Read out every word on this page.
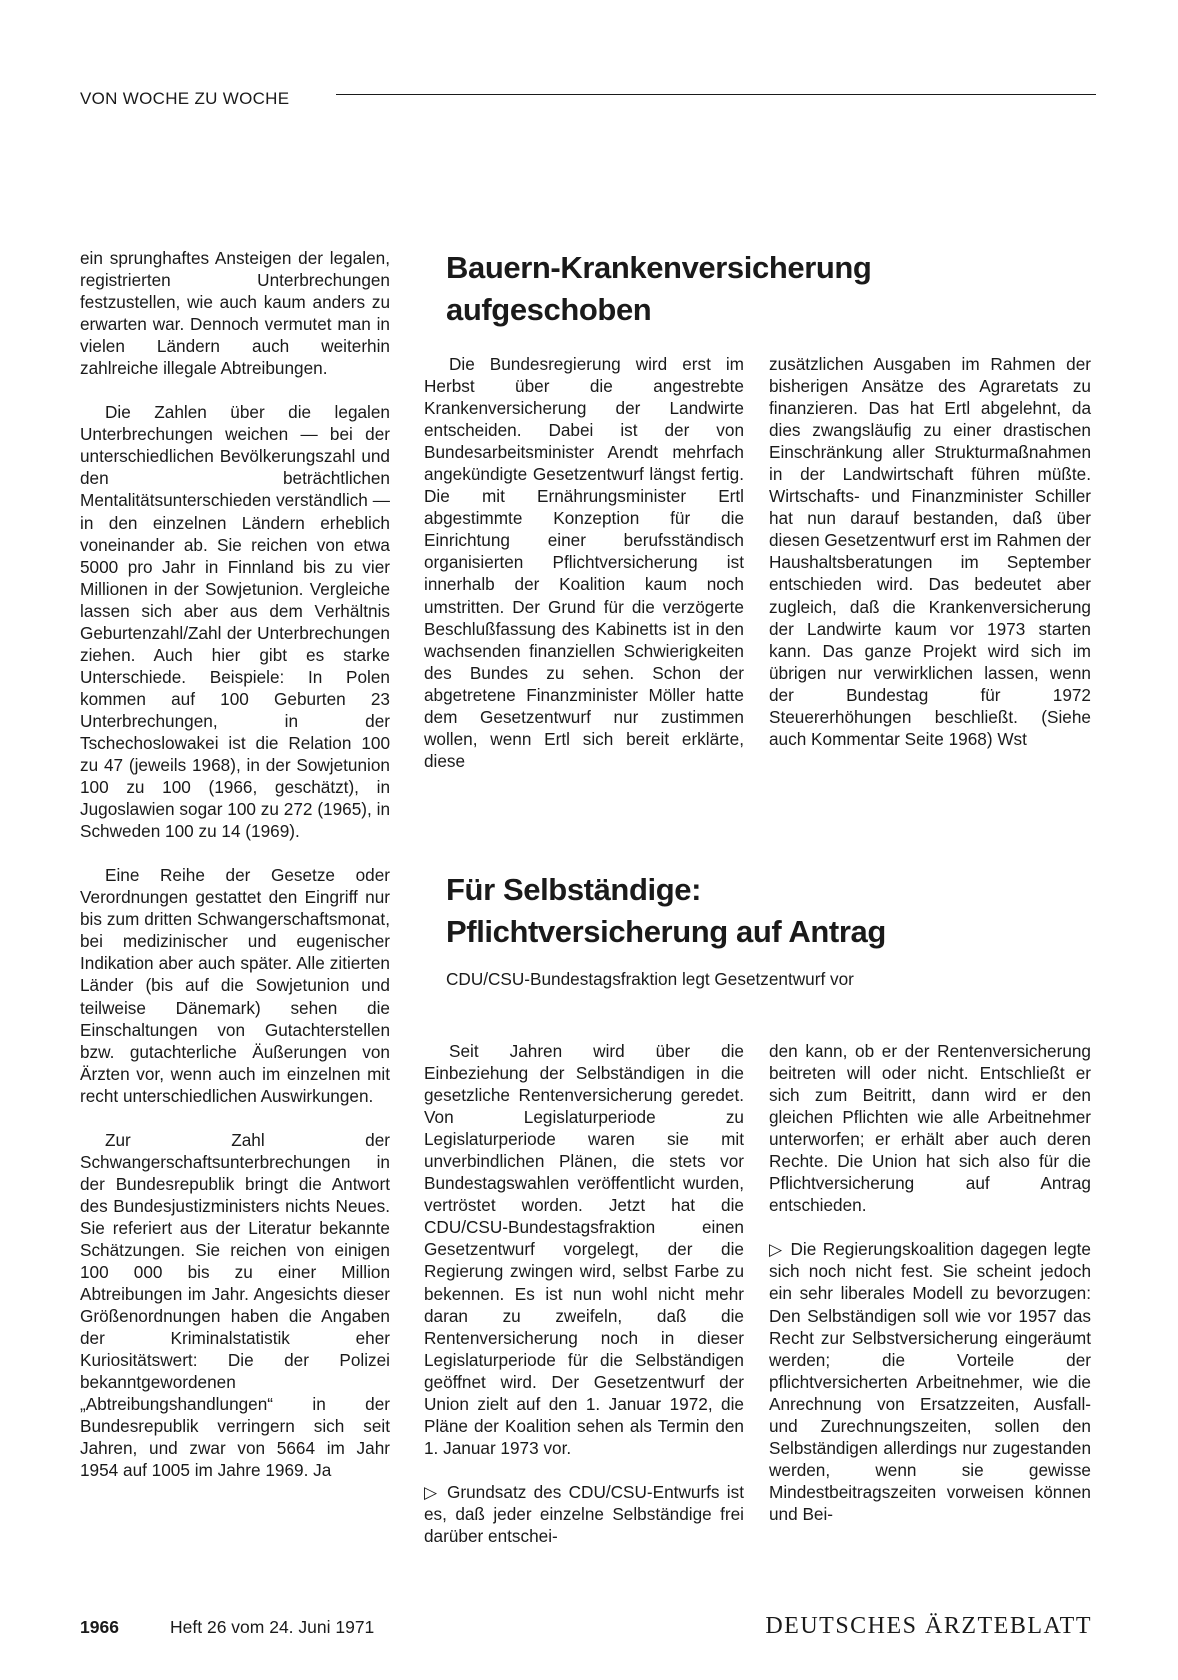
VON WOCHE ZU WOCHE

ein sprunghaftes Ansteigen der legalen, registrierten Unterbrechungen festzustellen, wie auch kaum anders zu erwarten war. Dennoch vermutet man in vielen Ländern auch weiterhin zahlreiche illegale Abtreibungen.

Die Zahlen über die legalen Unterbrechungen weichen — bei der unterschiedlichen Bevölkerungszahl und den beträchtlichen Mentalitätsunterschieden verständlich — in den einzelnen Ländern erheblich voneinander ab. Sie reichen von etwa 5000 pro Jahr in Finnland bis zu vier Millionen in der Sowjetunion. Vergleiche lassen sich aber aus dem Verhältnis Geburtenzahl/Zahl der Unterbrechungen ziehen. Auch hier gibt es starke Unterschiede. Beispiele: In Polen kommen auf 100 Geburten 23 Unterbrechungen, in der Tschechoslowakei ist die Relation 100 zu 47 (jeweils 1968), in der Sowjetunion 100 zu 100 (1966, geschätzt), in Jugoslawien sogar 100 zu 272 (1965), in Schweden 100 zu 14 (1969).

Eine Reihe der Gesetze oder Verordnungen gestattet den Eingriff nur bis zum dritten Schwangerschaftsmonat, bei medizinischer und eugenischer Indikation aber auch später. Alle zitierten Länder (bis auf die Sowjetunion und teilweise Dänemark) sehen die Einschaltungen von Gutachterstellen bzw. gutachterliche Äußerungen von Ärzten vor, wenn auch im einzelnen mit recht unterschiedlichen Auswirkungen.

Zur Zahl der Schwangerschaftsunterbrechungen in der Bundesrepublik bringt die Antwort des Bundesjustizministers nichts Neues. Sie referiert aus der Literatur bekannte Schätzungen. Sie reichen von einigen 100 000 bis zu einer Million Abtreibungen im Jahr. Angesichts dieser Größenordnungen haben die Angaben der Kriminalstatistik eher Kuriositätswert: Die der Polizei bekanntgewordenen „Abtreibungshandlungen“ in der Bundesrepublik verringern sich seit Jahren, und zwar von 5664 im Jahr 1954 auf 1005 im Jahre 1969. Ja

Bauern-Krankenversicherung
aufgeschoben

Die Bundesregierung wird erst im Herbst über die angestrebte Krankenversicherung der Landwirte entscheiden. Dabei ist der von Bundesarbeitsminister Arendt mehrfach angekündigte Gesetzentwurf längst fertig. Die mit Ernährungsminister Ertl abgestimmte Konzeption für die Einrichtung einer berufsständisch organisierten Pflichtversicherung ist innerhalb der Koalition kaum noch umstritten. Der Grund für die verzögerte Beschlußfassung des Kabinetts ist in den wachsenden finanziellen Schwierigkeiten des Bundes zu sehen. Schon der abgetretene Finanzminister Möller hatte dem Gesetzentwurf nur zustimmen wollen, wenn Ertl sich bereit erklärte, diese

zusätzlichen Ausgaben im Rahmen der bisherigen Ansätze des Agraretats zu finanzieren. Das hat Ertl abgelehnt, da dies zwangsläufig zu einer drastischen Einschränkung aller Strukturmaßnahmen in der Landwirtschaft führen müßte. Wirtschafts- und Finanzminister Schiller hat nun darauf bestanden, daß über diesen Gesetzentwurf erst im Rahmen der Haushaltsberatungen im September entschieden wird. Das bedeutet aber zugleich, daß die Krankenversicherung der Landwirte kaum vor 1973 starten kann. Das ganze Projekt wird sich im übrigen nur verwirklichen lassen, wenn der Bundestag für 1972 Steuererhöhungen beschließt. (Siehe auch Kommentar Seite 1968) Wst

Für Selbständige:
Pflichtversicherung auf Antrag
CDU/CSU-Bundestagsfraktion legt Gesetzentwurf vor

Seit Jahren wird über die Einbeziehung der Selbständigen in die gesetzliche Rentenversicherung geredet. Von Legislaturperiode zu Legislaturperiode waren sie mit unverbindlichen Plänen, die stets vor Bundestagswahlen veröffentlicht wurden, vertröstet worden. Jetzt hat die CDU/CSU-Bundestagsfraktion einen Gesetzentwurf vorgelegt, der die Regierung zwingen wird, selbst Farbe zu bekennen. Es ist nun wohl nicht mehr daran zu zweifeln, daß die Rentenversicherung noch in dieser Legislaturperiode für die Selbständigen geöffnet wird. Der Gesetzentwurf der Union zielt auf den 1. Januar 1972, die Pläne der Koalition sehen als Termin den 1. Januar 1973 vor.

▷ Grundsatz des CDU/CSU-Entwurfs ist es, daß jeder einzelne Selbständige frei darüber entschei-

den kann, ob er der Rentenversicherung beitreten will oder nicht. Entschließt er sich zum Beitritt, dann wird er den gleichen Pflichten wie alle Arbeitnehmer unterworfen; er erhält aber auch deren Rechte. Die Union hat sich also für die Pflichtversicherung auf Antrag entschieden.

▷ Die Regierungskoalition dagegen legte sich noch nicht fest. Sie scheint jedoch ein sehr liberales Modell zu bevorzugen: Den Selbständigen soll wie vor 1957 das Recht zur Selbstversicherung eingeräumt werden; die Vorteile der pflichtversicherten Arbeitnehmer, wie die Anrechnung von Ersatzzeiten, Ausfall- und Zurechnungszeiten, sollen den Selbständigen allerdings nur zugestanden werden, wenn sie gewisse Mindestbeitragszeiten vorweisen können und Bei-

1966	Heft 26 vom 24. Juni 1971	DEUTSCHES ÄRZTEBLATT
